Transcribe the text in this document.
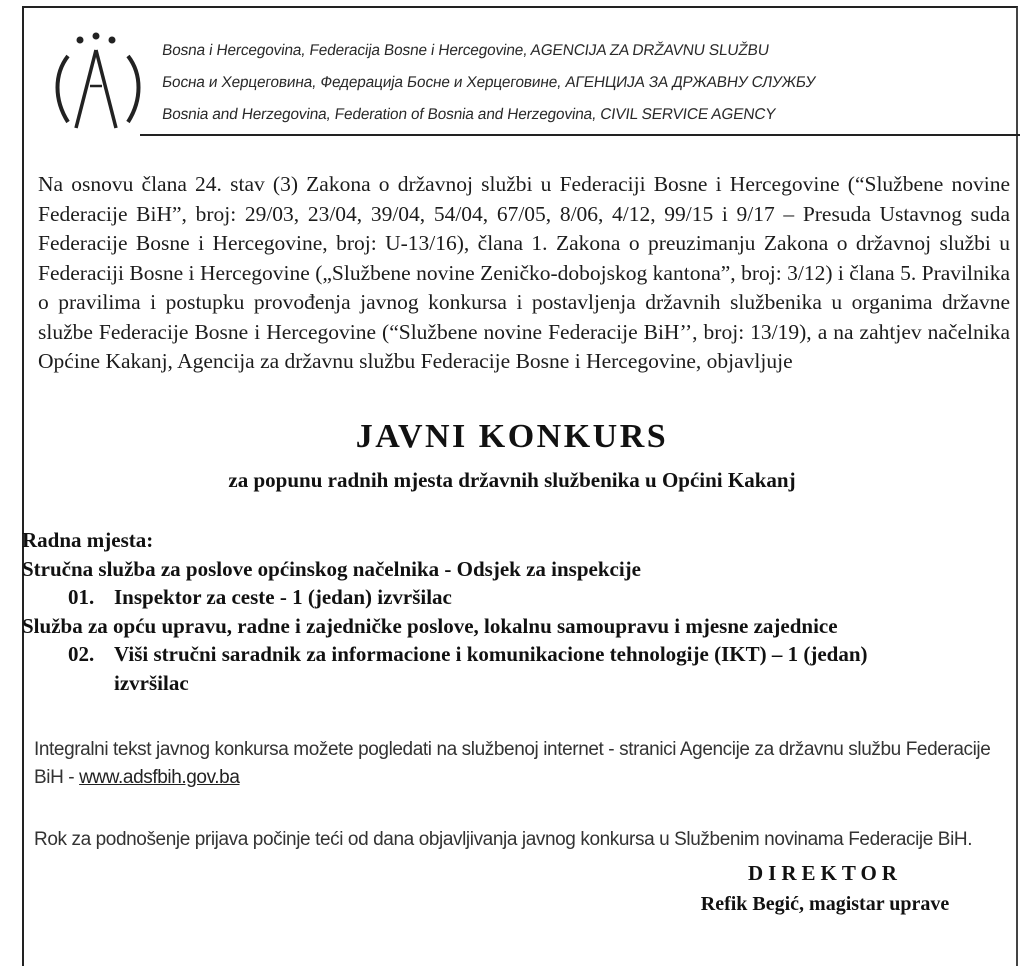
Bosna i Hercegovina, Federacija Bosne i Hercegovine, AGENCIJA ZA DRŽAVNU SLUŽBU
Босна и Херцеговина, Федерација Босне и Херцеговине, АГЕНЦИЈА ЗА ДРЖАВНУ СЛУЖБУ
Bosnia and Herzegovina, Federation of Bosnia and Herzegovina, CIVIL SERVICE AGENCY
Na osnovu člana 24. stav (3) Zakona o državnoj službi u Federaciji Bosne i Hercegovine (“Službene novine Federacije BiH”, broj: 29/03, 23/04, 39/04, 54/04, 67/05, 8/06, 4/12, 99/15 i 9/17 – Presuda Ustavnog suda Federacije Bosne i Hercegovine, broj: U-13/16), člana 1. Zakona o preuzimanju Zakona o državnoj službi u Federaciji Bosne i Hercegovine („Službene novine Zeničko-dobojskog kantona”, broj: 3/12) i člana 5. Pravilnika o pravilima i postupku provođenja javnog konkursa i postavljenja državnih službenika u organima državne službe Federacije Bosne i Hercegovine (“Službene novine Federacije BiH’’, broj: 13/19), a na zahtjev načelnika Općine Kakanj, Agencija za državnu službu Federacije Bosne i Hercegovine, objavljuje
JAVNI KONKURS
za popunu radnih mjesta državnih službenika u Općini Kakanj
Radna mjesta:
Stručna služba za poslove općinskog načelnika - Odsjek za inspekcije
01. Inspektor za ceste - 1 (jedan) izvršilac
Služba za opću upravu, radne i zajedničke poslove, lokalnu samoupravu i mjesne zajednice
02. Viši stručni saradnik za informacione i komunikacione tehnologije (IKT) – 1 (jedan)
izvršilac
Integralni tekst javnog konkursa možete pogledati na službenoj internet - stranici Agencije za državnu službu Federacije BiH - www.adsfbih.gov.ba
Rok za podnošenje prijava počinje teći od dana objavljivanja javnog konkursa u Službenim novinama Federacije BiH.
DIREKTOR
Refik Begić, magistar uprave
